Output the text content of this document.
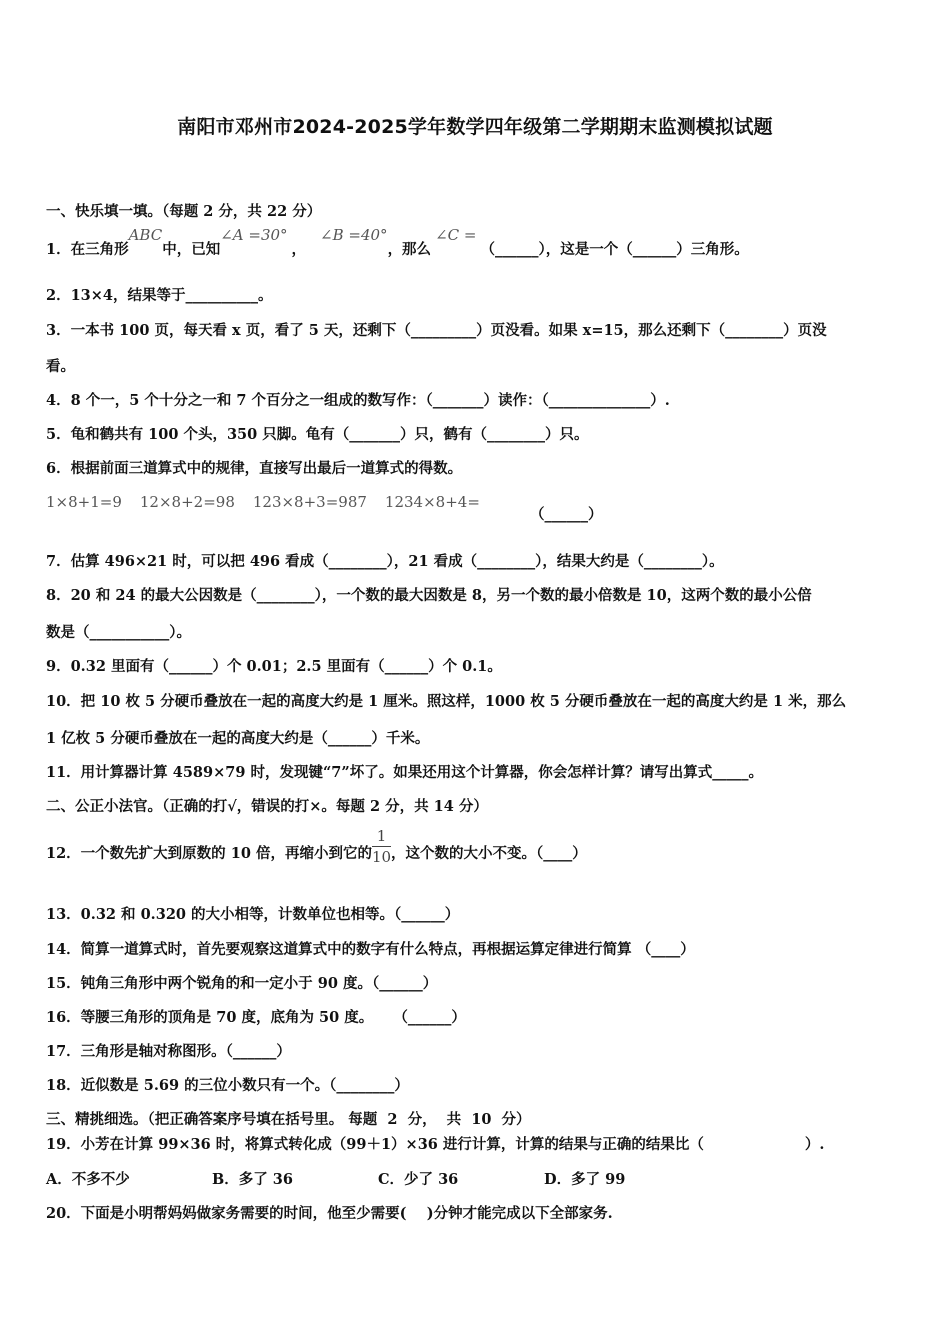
南阳市邓州市2024-2025学年数学四年级第二学期期末监测模拟试题
一、快乐填一填。（每题 2 分，共 22 分）
1．在三角形ABC中，已知∠A =30°，∠B =40°，那么∠C =（______），这是一个（______）三角形。
2．13×4，结果等于__________。
3．一本书 100 页，每天看 x 页，看了 5 天，还剩下（_________）页没看。如果 x=15，那么还剩下（________）页没
看。
4．8 个一，5 个十分之一和 7 个百分之一组成的数写作：（_______）读作：（______________）.
5．龟和鹤共有 100 个头，350 只脚。龟有（_______）只，鹤有（________）只。
6．根据前面三道算式中的规律，直接写出最后一道算式的得数。
1×8+1=9 12×8+2=98 123×8+3=987 1234×8+4=
（______）
7．估算 496×21 时，可以把 496 看成（________），21 看成（________），结果大约是（________）。
8．20 和 24 的最大公因数是（________），一个数的最大因数是 8，另一个数的最小倍数是 10，这两个数的最小公倍
数是（___________）。
9．0.32 里面有（______）个 0.01；2.5 里面有（______）个 0.1。
10．把 10 枚 5 分硬币叠放在一起的高度大约是 1 厘米。照这样，1000 枚 5 分硬币叠放在一起的高度大约是 1 米，那么
1 亿枚 5 分硬币叠放在一起的高度大约是（______）千米。
11．用计算器计算 4589×79 时，发现键“7”坏了。如果还用这个计算器，你会怎样计算？请写出算式_____。
二、公正小法官。（正确的打√，错误的打×。每题 2 分，共 14 分）
12．一个数先扩大到原数的 10 倍，再缩小到它的 $\frac{1}{10}$ ，这个数的大小不变。（____）
13．0.32 和 0.320 的大小相等，计数单位也相等。（______）
14．简算一道算式时，首先要观察这道算式中的数字有什么特点，再根据运算定律进行简算 （____）
15．钝角三角形中两个锐角的和一定小于 90 度。（______）
16．等腰三角形的顶角是 70 度，底角为 50 度。    （______）
17．三角形是轴对称图形。（______）
18．近似数是 5.69 的三位小数只有一个。（________）
三、精挑细选。（把正确答案序号填在括号里。 每题  2  分，  共  10  分）
19．小芳在计算 99×36 时，将算式转化成（99＋1）×36 进行计算，计算的结果与正确的结果比（                    ）.
A．不多不少	B．多了 36	C．少了 36	D．多了 99
20．下面是小明帮妈妈做家务需要的时间，他至少需要(    )分钟才能完成以下全部家务.
